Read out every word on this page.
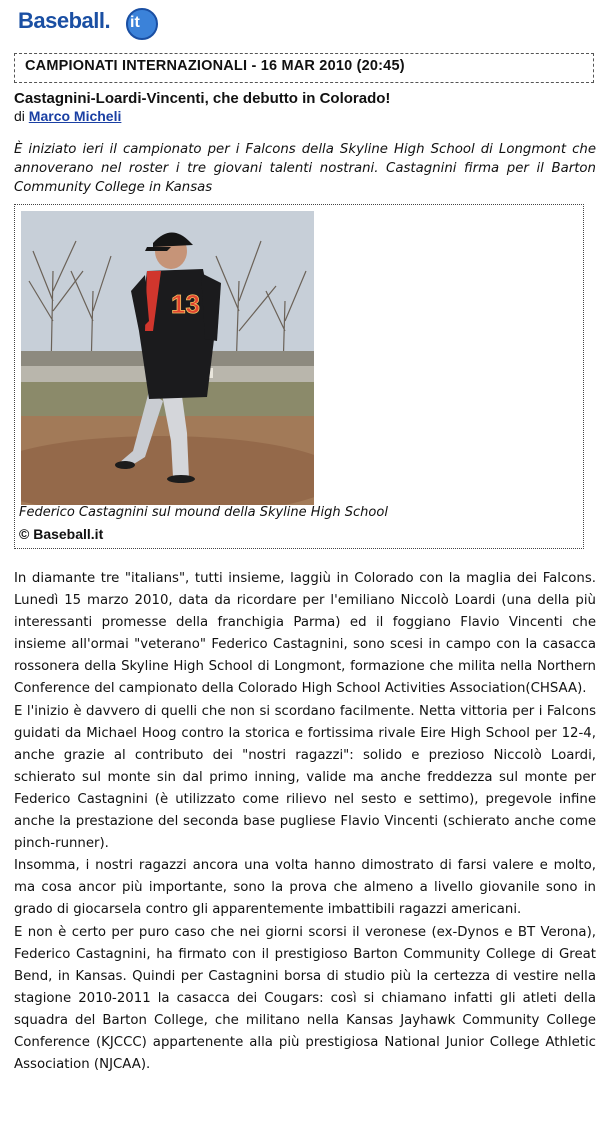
Baseball. it
CAMPIONATI INTERNAZIONALI - 16 MAR 2010 (20:45)
Castagnini-Loardi-Vincenti, che debutto in Colorado!
di Marco Micheli
È iniziato ieri il campionato per i Falcons della Skyline High School di Longmont che annoverano nel roster i tre giovani talenti nostrani. Castagnini firma per il Barton Community College in Kansas
13
Federico Castagnini sul mound della Skyline High School
© Baseball.it

In diamante tre "italians", tutti insieme, laggiù in Colorado con la maglia dei Falcons. Lunedì 15 marzo 2010, data da ricordare per l'emiliano Niccolò Loardi (una della più interessanti promesse della franchigia Parma) ed il foggiano Flavio Vincenti che insieme all'ormai "veterano" Federico Castagnini, sono scesi in campo con la casacca rossonera della Skyline High School di Longmont, formazione che milita nella Northern Conference del campionato della Colorado High School Activities Association(CHSAA).

E l'inizio è davvero di quelli che non si scordano facilmente. Netta vittoria per i Falcons guidati da Michael Hoog contro la storica e fortissima rivale Eire High School per 12-4, anche grazie al contributo dei "nostri ragazzi": solido e prezioso Niccolò Loardi, schierato sul monte sin dal primo inning, valide ma anche freddezza sul monte per Federico Castagnini (è utilizzato come rilievo nel sesto e settimo), pregevole infine anche la prestazione del seconda base pugliese Flavio Vincenti (schierato anche come pinch-runner).

Insomma, i nostri ragazzi ancora una volta hanno dimostrato di farsi valere e molto, ma cosa ancor più importante, sono la prova che almeno a livello giovanile sono in grado di giocarsela contro gli apparentemente imbattibili ragazzi americani.

E non è certo per puro caso che nei giorni scorsi il veronese (ex-Dynos e BT Verona), Federico Castagnini, ha firmato con il prestigioso Barton Community College di Great Bend, in Kansas. Quindi per Castagnini borsa di studio più la certezza di vestire nella stagione 2010-2011 la casacca dei Cougars: così si chiamano infatti gli atleti della squadra del Barton College, che militano nella Kansas Jayhawk Community College Conference (KJCCC) appartenente alla più prestigiosa National Junior College Athletic Association (NJCAA).
